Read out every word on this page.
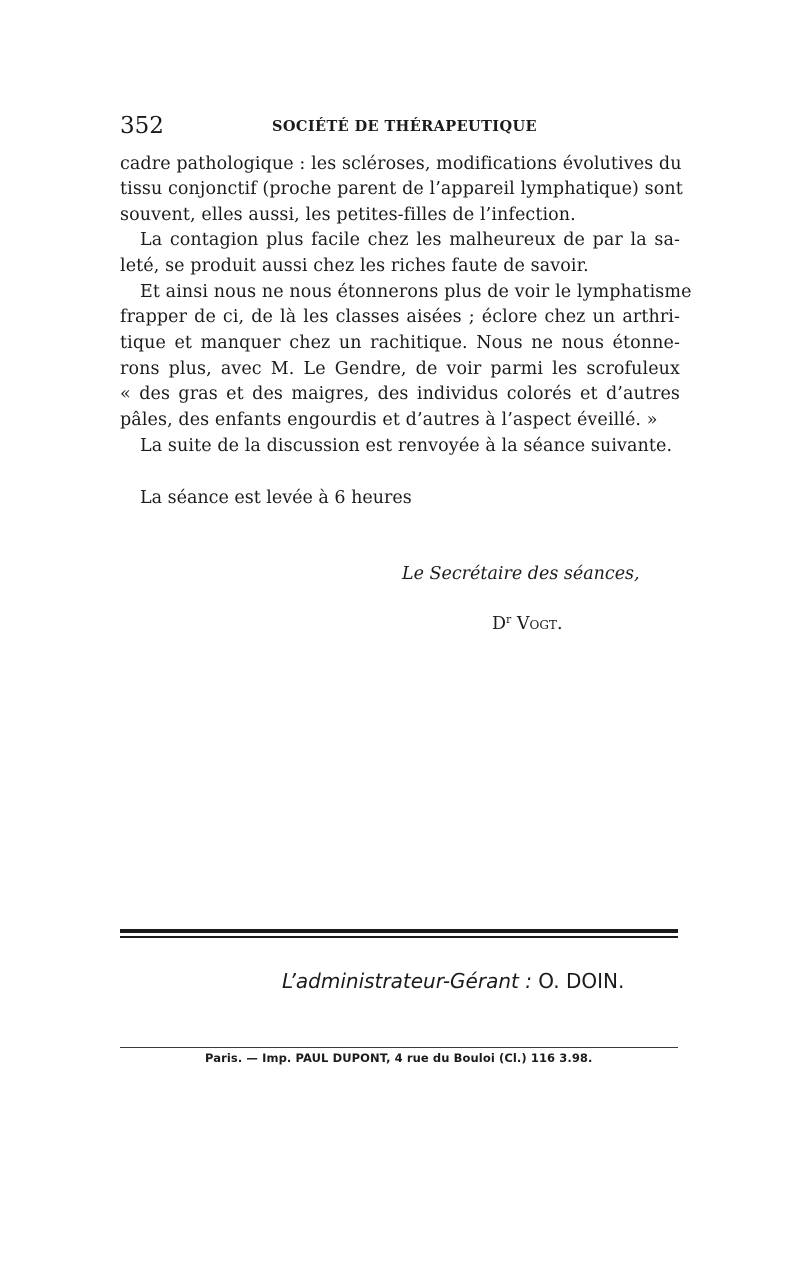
352	SOCIÉTÉ DE THÉRAPEUTIQUE
cadre pathologique : les scléroses, modifications évolutives du
tissu conjonctif (proche parent de l’appareil lymphatique) sont
souvent, elles aussi, les petites-filles de l’infection.
La contagion plus facile chez les malheureux de par la sa-
leté, se produit aussi chez les riches faute de savoir.
Et ainsi nous ne nous étonnerons plus de voir le lymphatisme
frapper de ci, de là les classes aisées ; éclore chez un arthri-
tique et manquer chez un rachitique. Nous ne nous étonne-
rons plus, avec M. Le Gendre, de voir parmi les scrofuleux
« des gras et des maigres, des individus colorés et d’autres
pâles, des enfants engourdis et d’autres à l’aspect éveillé. »
La suite de la discussion est renvoyée à la séance suivante.
La séance est levée à 6 heures
Le Secrétaire des séances,
$D^r$ Vogt.
L’administrateur-Gérant : O. DOIN.
Paris. — Imp. PAUL DUPONT, 4 rue du Bouloi (Cl.) 116 3.98.
